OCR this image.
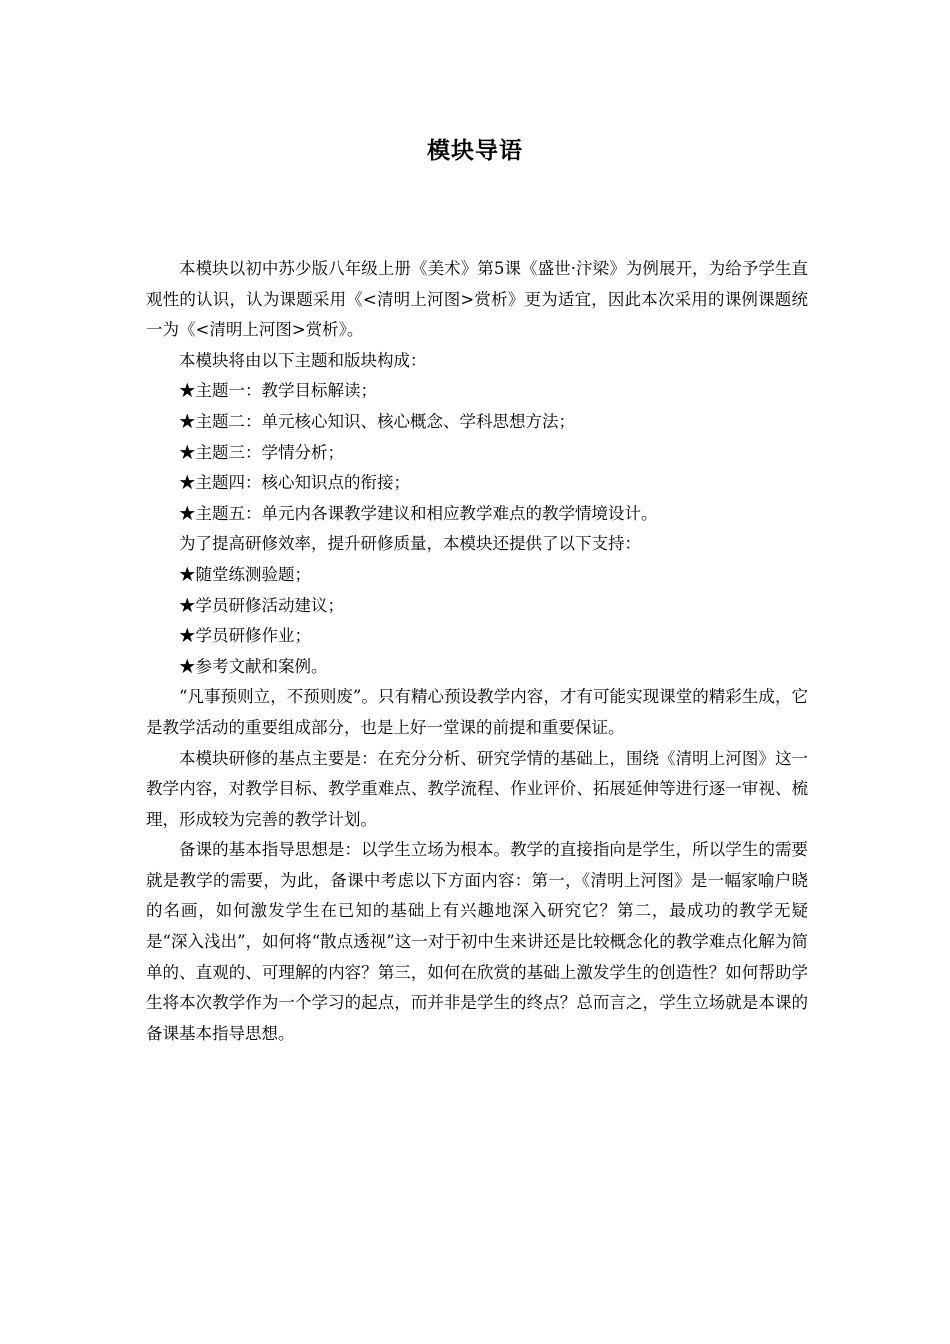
模块导语

本模块以初中苏少版八年级上册《美术》第5课《盛世·汴梁》为例展开，为给予学生直观性的认识，认为课题采用《<清明上河图>赏析》更为适宜，因此本次采用的课例课题统一为《<清明上河图>赏析》。

本模块将由以下主题和版块构成：

★主题一：教学目标解读；

★主题二：单元核心知识、核心概念、学科思想方法；

★主题三：学情分析；

★主题四：核心知识点的衔接；

★主题五：单元内各课教学建议和相应教学难点的教学情境设计。

为了提高研修效率，提升研修质量，本模块还提供了以下支持：

★随堂练测验题；

★学员研修活动建议；

★学员研修作业；

★参考文献和案例。

“凡事预则立，不预则废”。只有精心预设教学内容，才有可能实现课堂的精彩生成，它是教学活动的重要组成部分，也是上好一堂课的前提和重要保证。

本模块研修的基点主要是：在充分分析、研究学情的基础上，围绕《清明上河图》这一教学内容，对教学目标、教学重难点、教学流程、作业评价、拓展延伸等进行逐一审视、梳理，形成较为完善的教学计划。

备课的基本指导思想是：以学生立场为根本。教学的直接指向是学生，所以学生的需要就是教学的需要，为此，备课中考虑以下方面内容：第一，《清明上河图》是一幅家喻户晓的名画，如何激发学生在已知的基础上有兴趣地深入研究它？第二，最成功的教学无疑是“深入浅出”，如何将“散点透视”这一对于初中生来讲还是比较概念化的教学难点化解为简单的、直观的、可理解的内容？第三，如何在欣赏的基础上激发学生的创造性？如何帮助学生将本次教学作为一个学习的起点，而并非是学生的终点？总而言之，学生立场就是本课的备课基本指导思想。
